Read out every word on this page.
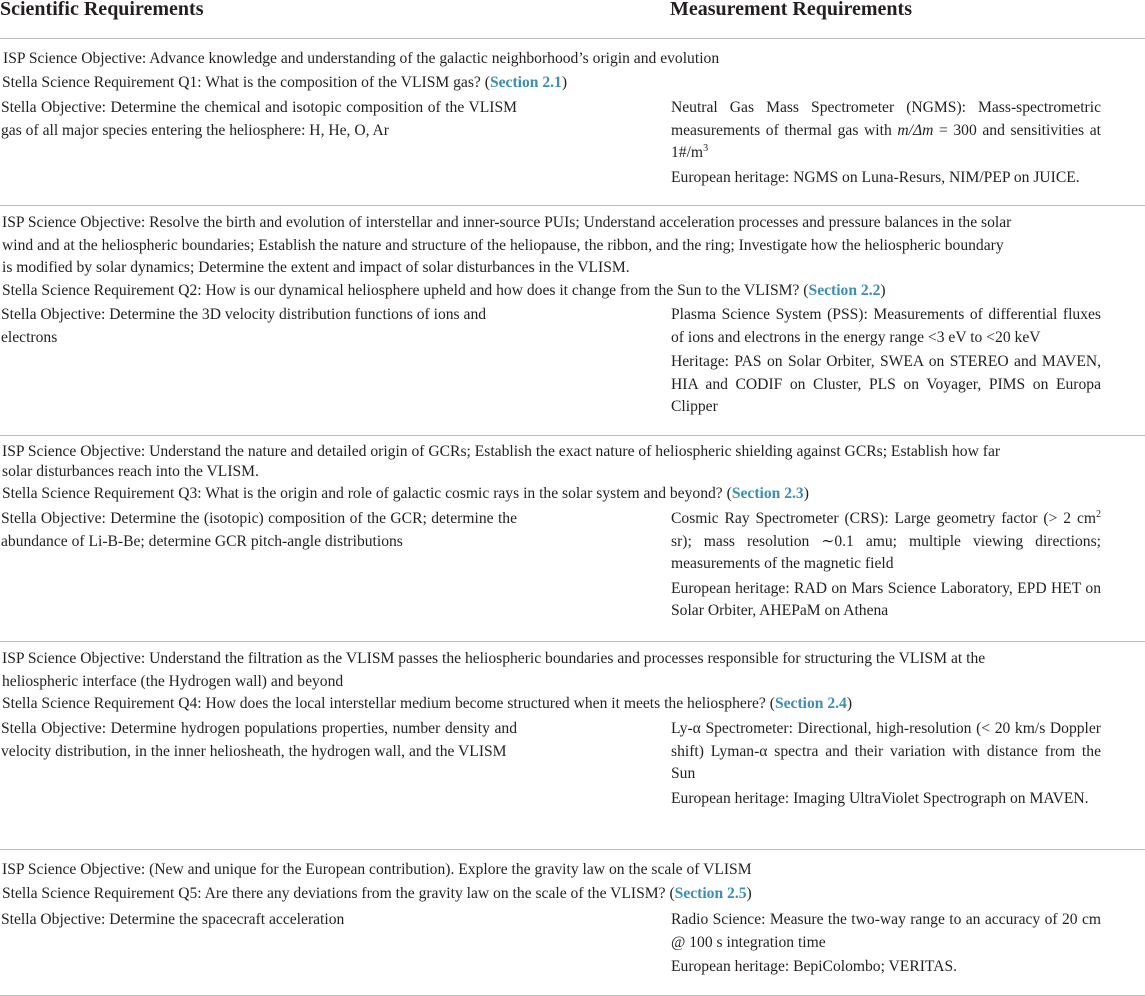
Scientific Requirements	Measurement Requirements
ISP Science Objective: Advance knowledge and understanding of the galactic neighborhood’s origin and evolution
Stella Science Requirement Q1: What is the composition of the VLISM gas? (Section 2.1)
Stella Objective: Determine the chemical and isotopic composition of the VLISM gas of all major species entering the heliosphere: H, He, O, Ar

Neutral Gas Mass Spectrometer (NGMS): Mass-spectrometric measurements of thermal gas with m/Δm = 300 and sensitivities at $1\#/m^3$

European heritage: NGMS on Luna-Resurs, NIM/PEP on JUICE.

ISP Science Objective: Resolve the birth and evolution of interstellar and inner-source PUIs; Understand acceleration processes and pressure balances in the solar wind and at the heliospheric boundaries; Establish the nature and structure of the heliopause, the ribbon, and the ring; Investigate how the heliospheric boundary is modified by solar dynamics; Determine the extent and impact of solar disturbances in the VLISM.
Stella Science Requirement Q2: How is our dynamical heliosphere upheld and how does it change from the Sun to the VLISM? (Section 2.2)
Stella Objective: Determine the 3D velocity distribution functions of ions and electrons

Plasma Science System (PSS): Measurements of differential fluxes of ions and electrons in the energy range <3 eV to <20 keV

Heritage: PAS on Solar Orbiter, SWEA on STEREO and MAVEN, HIA and CODIF on Cluster, PLS on Voyager, PIMS on Europa Clipper

ISP Science Objective: Understand the nature and detailed origin of GCRs; Establish the exact nature of heliospheric shielding against GCRs; Establish how far solar disturbances reach into the VLISM.
Stella Science Requirement Q3: What is the origin and role of galactic cosmic rays in the solar system and beyond? (Section 2.3)
Stella Objective: Determine the (isotopic) composition of the GCR; determine the abundance of Li-B-Be; determine GCR pitch-angle distributions

Cosmic Ray Spectrometer (CRS): Large geometry factor (> 2 $cm^2$ sr); mass resolution ∼0.1 amu; multiple viewing directions; measurements of the magnetic field

European heritage: RAD on Mars Science Laboratory, EPD HET on Solar Orbiter, AHEPaM on Athena

ISP Science Objective: Understand the filtration as the VLISM passes the heliospheric boundaries and processes responsible for structuring the VLISM at the heliospheric interface (the Hydrogen wall) and beyond
Stella Science Requirement Q4: How does the local interstellar medium become structured when it meets the heliosphere? (Section 2.4)
Stella Objective: Determine hydrogen populations properties, number density and velocity distribution, in the inner heliosheath, the hydrogen wall, and the VLISM

Ly-α Spectrometer: Directional, high-resolution (< 20 km/s Doppler shift) Lyman-α spectra and their variation with distance from the Sun

European heritage: Imaging UltraViolet Spectrograph on MAVEN.

ISP Science Objective: (New and unique for the European contribution). Explore the gravity law on the scale of VLISM
Stella Science Requirement Q5: Are there any deviations from the gravity law on the scale of the VLISM? (Section 2.5)
Stella Objective: Determine the spacecraft acceleration	Radio Science: Measure the two-way range to an accuracy of 20 cm @ 100 s integration time

European heritage: BepiColombo; VERITAS.
